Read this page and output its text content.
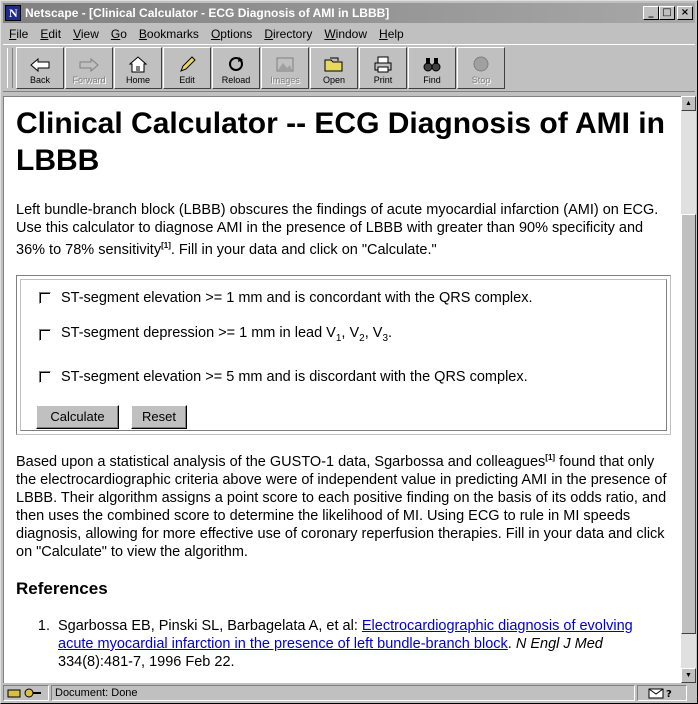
N
Netscape - [Clinical Calculator - ECG Diagnosis of AMI in LBBB]	_ □ ×
File	Edit	View	Go	Bookmarks	Options	Directory	Window	Help
Back Forward Home	Edit	Reload Images	Open	Print	Find	Stop
Clinical Calculator -- ECG Diagnosis of AMI in LBBB
Left bundle-branch block (LBBB) obscures the findings of acute myocardial infarction (AMI) on ECG. Use this calculator to diagnose AMI in the presence of LBBB with greater than 90% specificity and 36% to 78% sensitivity[1]. Fill in your data and click on "Calculate."
ST-segment elevation >= 1 mm and is concordant with the QRS complex.
ST-segment depression >= 1 mm in lead $V_1$, $V_2$, $V_3$.
ST-segment elevation >= 5 mm and is discordant with the QRS complex.
Calculate	Reset
Based upon a statistical analysis of the GUSTO-1 data, Sgarbossa and colleagues[1] found that only the electrocardiographic criteria above were of independent value in predicting AMI in the presence of LBBB. Their algorithm assigns a point score to each positive finding on the basis of its odds ratio, and then uses the combined score to determine the likelihood of MI. Using ECG to rule in MI speeds diagnosis, allowing for more effective use of coronary reperfusion therapies. Fill in your data and click on "Calculate" to view the algorithm.
References
1. Sgarbossa EB, Pinski SL, Barbagelata A, et al: Electrocardiographic diagnosis of evolving acute myocardial infarction in the presence of left bundle-branch block. N Engl J Med 334(8):481-7, 1996 Feb 22.
▲
▼
Document: Done	?
